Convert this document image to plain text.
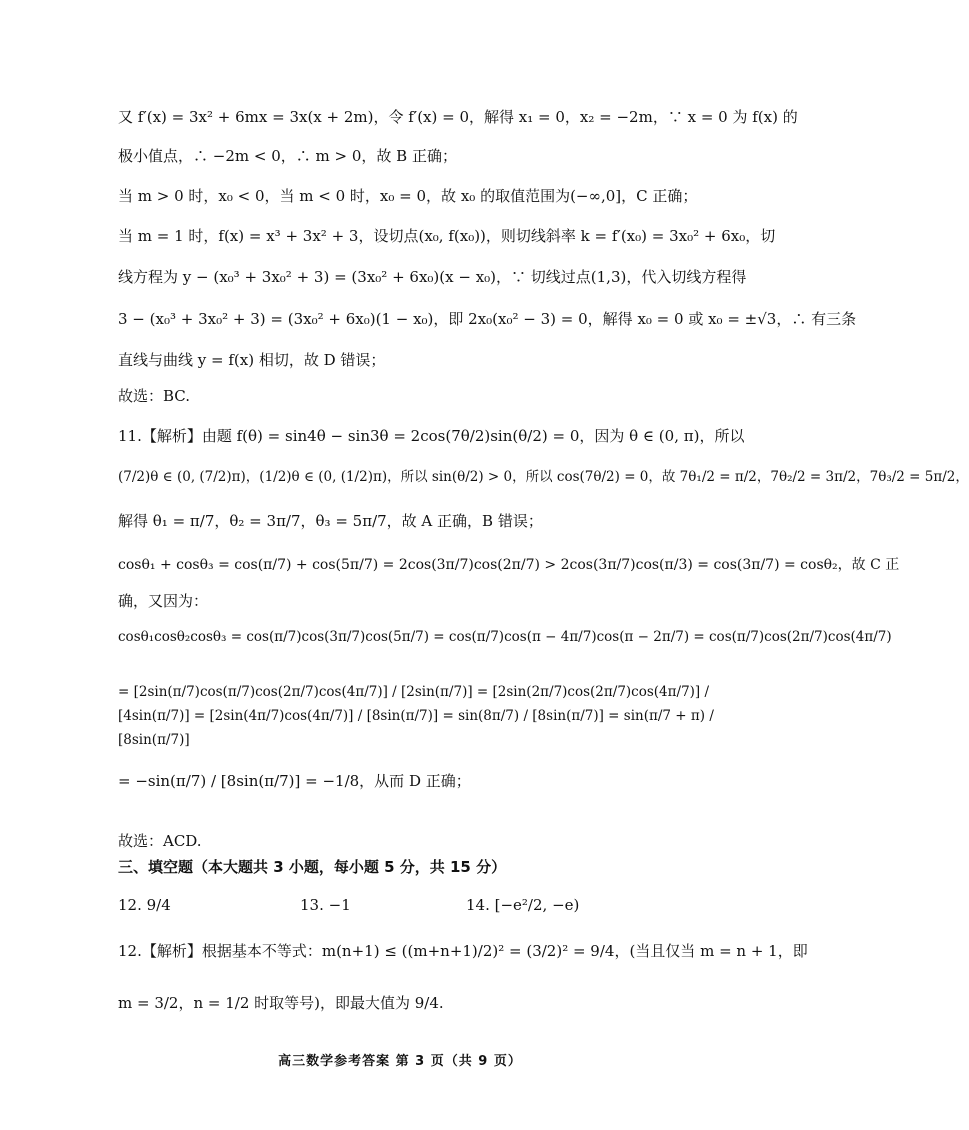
又 f′(x) = 3x² + 6mx = 3x(x + 2m)，令 f′(x) = 0，解得 x₁ = 0，x₂ = −2m，∵ x = 0 为 f(x) 的
极小值点，∴ −2m < 0，∴ m > 0，故 B 正确；
当 m > 0 时，x₀ < 0，当 m < 0 时，x₀ = 0，故 x₀ 的取值范围为(−∞,0]，C 正确；
当 m = 1 时，f(x) = x³ + 3x² + 3，设切点(x₀, f(x₀))，则切线斜率 k = f′(x₀) = 3x₀² + 6x₀，切
线方程为 y − (x₀³ + 3x₀² + 3) = (3x₀² + 6x₀)(x − x₀)，∵ 切线过点(1,3)，代入切线方程得
3 − (x₀³ + 3x₀² + 3) = (3x₀² + 6x₀)(1 − x₀)，即 2x₀(x₀² − 3) = 0，解得 x₀ = 0 或 x₀ = ±√3，∴ 有三条
直线与曲线 y = f(x) 相切，故 D 错误；
故选：BC.
11.【解析】由题 f(θ) = sin4θ − sin3θ = 2cos(7θ/2)sin(θ/2) = 0，因为 θ ∈ (0, π)，所以
(7/2)θ ∈ (0, (7/2)π)，(1/2)θ ∈ (0, (1/2)π)，所以 sin(θ/2) > 0，所以 cos(7θ/2) = 0，故 7θ₁/2 = π/2，7θ₂/2 = 3π/2，7θ₃/2 = 5π/2，
解得 θ₁ = π/7，θ₂ = 3π/7，θ₃ = 5π/7，故 A 正确，B 错误；
cosθ₁ + cosθ₃ = cos(π/7) + cos(5π/7) = 2cos(3π/7)cos(2π/7) > 2cos(3π/7)cos(π/3) = cos(3π/7) = cosθ₂，故 C 正
确，又因为：
cosθ₁cosθ₂cosθ₃ = cos(π/7)cos(3π/7)cos(5π/7) = cos(π/7)cos(π − 4π/7)cos(π − 2π/7) = cos(π/7)cos(2π/7)cos(4π/7)
= [2sin(π/7)cos(π/7)cos(2π/7)cos(4π/7)] / [2sin(π/7)] = [2sin(2π/7)cos(2π/7)cos(4π/7)] / [4sin(π/7)] = [2sin(4π/7)cos(4π/7)] / [8sin(π/7)] = sin(8π/7) / [8sin(π/7)] = sin(π/7 + π) / [8sin(π/7)]
= −sin(π/7) / [8sin(π/7)] = −1/8，从而 D 正确；
故选：ACD.
三、填空题（本大题共 3 小题，每小题 5 分，共 15 分）
12. 9/4	13. −1	14. [−e²/2, −e)
12.【解析】根据基本不等式：m(n+1) ≤ ((m+n+1)/2)² = (3/2)² = 9/4，(当且仅当 m = n + 1，即
m = 3/2，n = 1/2 时取等号)，即最大值为 9/4.
高三数学参考答案 第 3 页（共 9 页）
